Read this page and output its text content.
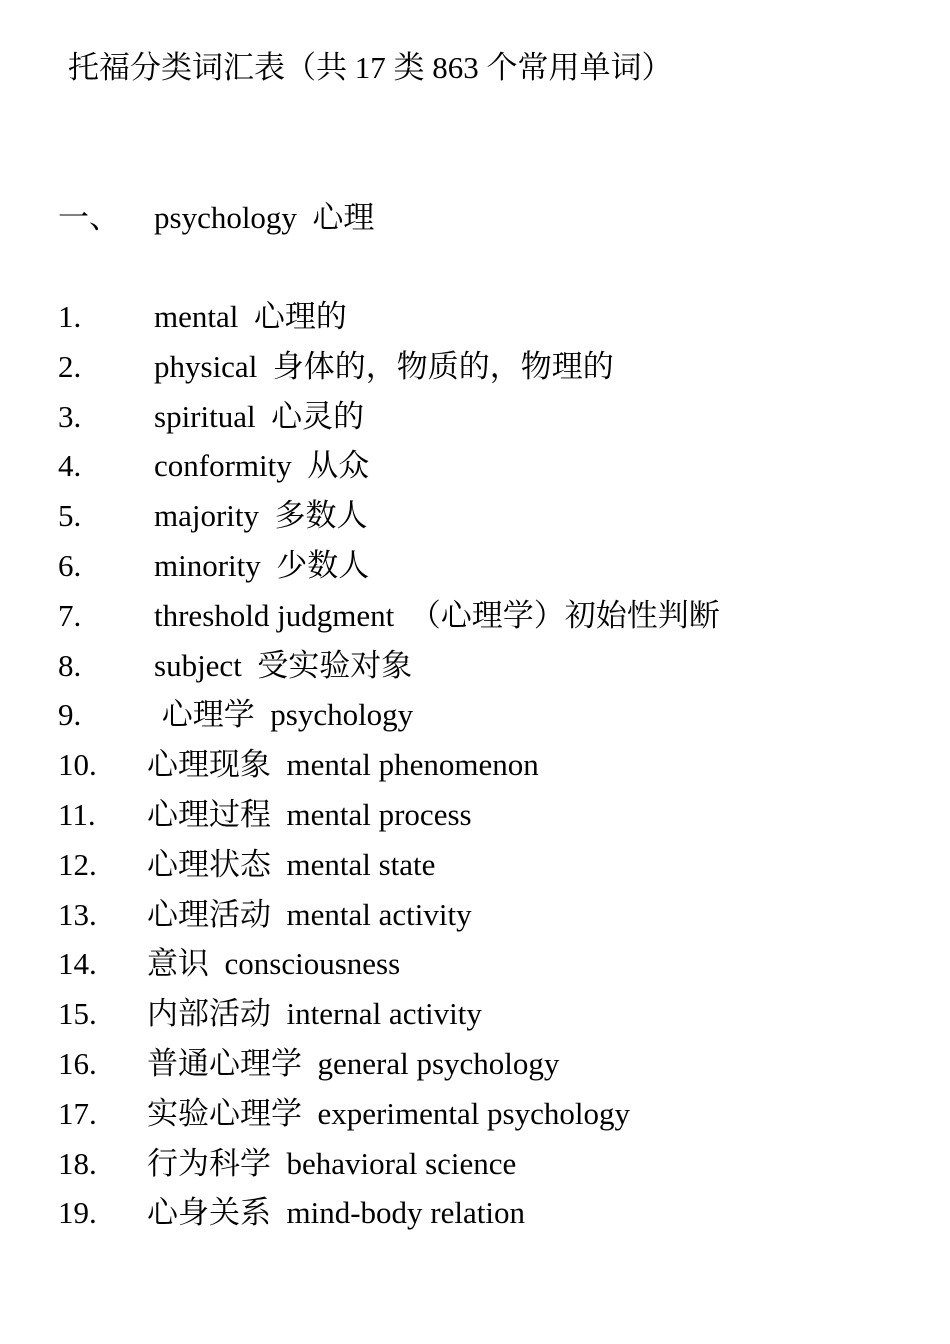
托福分类词汇表（共 17 类 863 个常用单词）
一、 psychology  心理
1. mental  心理的
2. physical  身体的，物质的，物理的
3. spiritual  心灵的
4. conformity  从众
5. majority  多数人
6. minority  少数人
7. threshold judgment  （心理学）初始性判断
8. subject  受实验对象
9. 心理学  psychology
10. 心理现象  mental phenomenon
11. 心理过程  mental process
12. 心理状态  mental state
13. 心理活动  mental activity
14. 意识  consciousness
15. 内部活动  internal activity
16. 普通心理学  general psychology
17. 实验心理学  experimental psychology
18. 行为科学  behavioral science
19. 心身关系  mind-body relation
